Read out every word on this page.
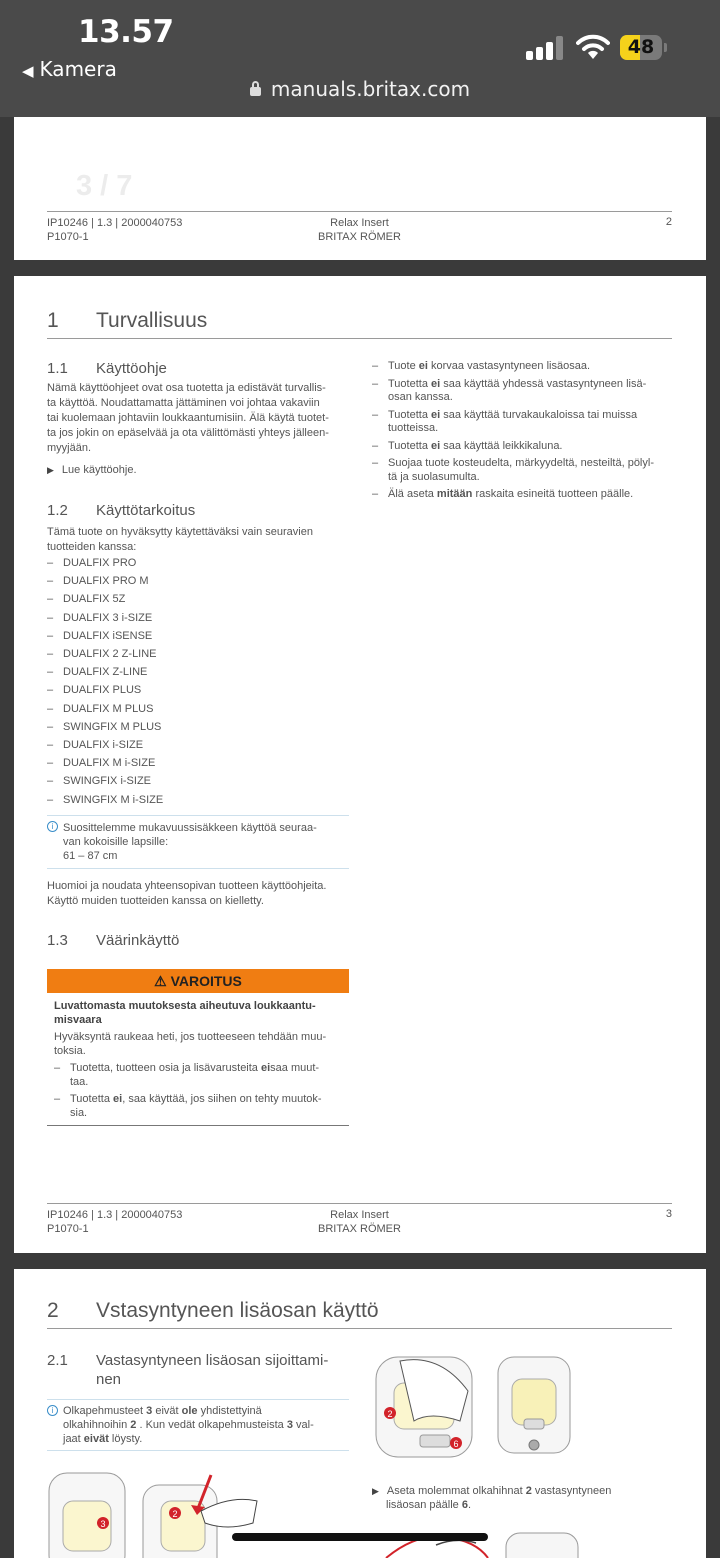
13.57
◀ Kamera
48
manuals.britax.com
3 / 7
IP10246 | 1.3 | 2000040753
P1070-1
Relax Insert
BRITAX RÖMER
2
1 Turvallisuus
1.1 Käyttöohje
Nämä käyttöohjeet ovat osa tuotetta ja edistävät turvallis-
ta käyttöä. Noudattamatta jättäminen voi johtaa vakaviin
tai kuolemaan johtaviin loukkaantumisiin. Älä käytä tuotet-
ta jos jokin on epäselvää ja ota välittömästi yhteys jälleen-
myyjään.
▶ Lue käyttöohje.
1.2 Käyttötarkoitus
Tämä tuote on hyväksytty käytettäväksi vain seuravien
tuotteiden kanssa:
– DUALFIX PRO
– DUALFIX PRO M
– DUALFIX 5Z
– DUALFIX 3 i-SIZE
– DUALFIX iSENSE
– DUALFIX 2 Z-LINE
– DUALFIX Z-LINE
– DUALFIX PLUS
– DUALFIX M PLUS
– SWINGFIX M PLUS
– DUALFIX i-SIZE
– DUALFIX M i-SIZE
– SWINGFIX i-SIZE
– SWINGFIX M i-SIZE
i Suosittelemme mukavuussisäkkeen käyttöä seuraa-
van kokoisille lapsille:
61 – 87 cm
Huomioi ja noudata yhteensopivan tuotteen käyttöohjeita.
Käyttö muiden tuotteiden kanssa on kielletty.
1.3 Väärinkäyttö
⚠ VAROITUS
Luvattomasta muutoksesta aiheutuva loukkaantu-
misvaara
Hyväksyntä raukeaa heti, jos tuotteeseen tehdään muu-
toksia.
– Tuotetta, tuotteen osia ja lisävarusteita eisaa muut-
taa.
– Tuotetta ei, saa käyttää, jos siihen on tehty muutok-
sia.
– Tuote ei korvaa vastasyntyneen lisäosaa.
– Tuotetta ei saa käyttää yhdessä vastasyntyneen lisä-
osan kanssa.
– Tuotetta ei saa käyttää turvakaukaloissa tai muissa
tuotteissa.
– Tuotetta ei saa käyttää leikkikaluna.
– Suojaa tuote kosteudelta, märkyydeltä, nesteiltä, pölyl-
tä ja suolasumulta.
– Älä aseta mitään raskaita esineitä tuotteen päälle.
IP10246 | 1.3 | 2000040753
P1070-1
Relax Insert
BRITAX RÖMER
3
2 Vstasyntyneen lisäosan käyttö
2.1 Vastasyntyneen lisäosan sijoittami-
nen
i Olkapehmusteet 3 eivät ole yhdistettyinä
olkahihnoihin 2 . Kun vedät olkapehmusteista 3 val-
jaat eivät löysty.
2
6
▶ Aseta molemmat olkahihnat 2 vastasyntyneen
lisäosan päälle 6.
3
2
